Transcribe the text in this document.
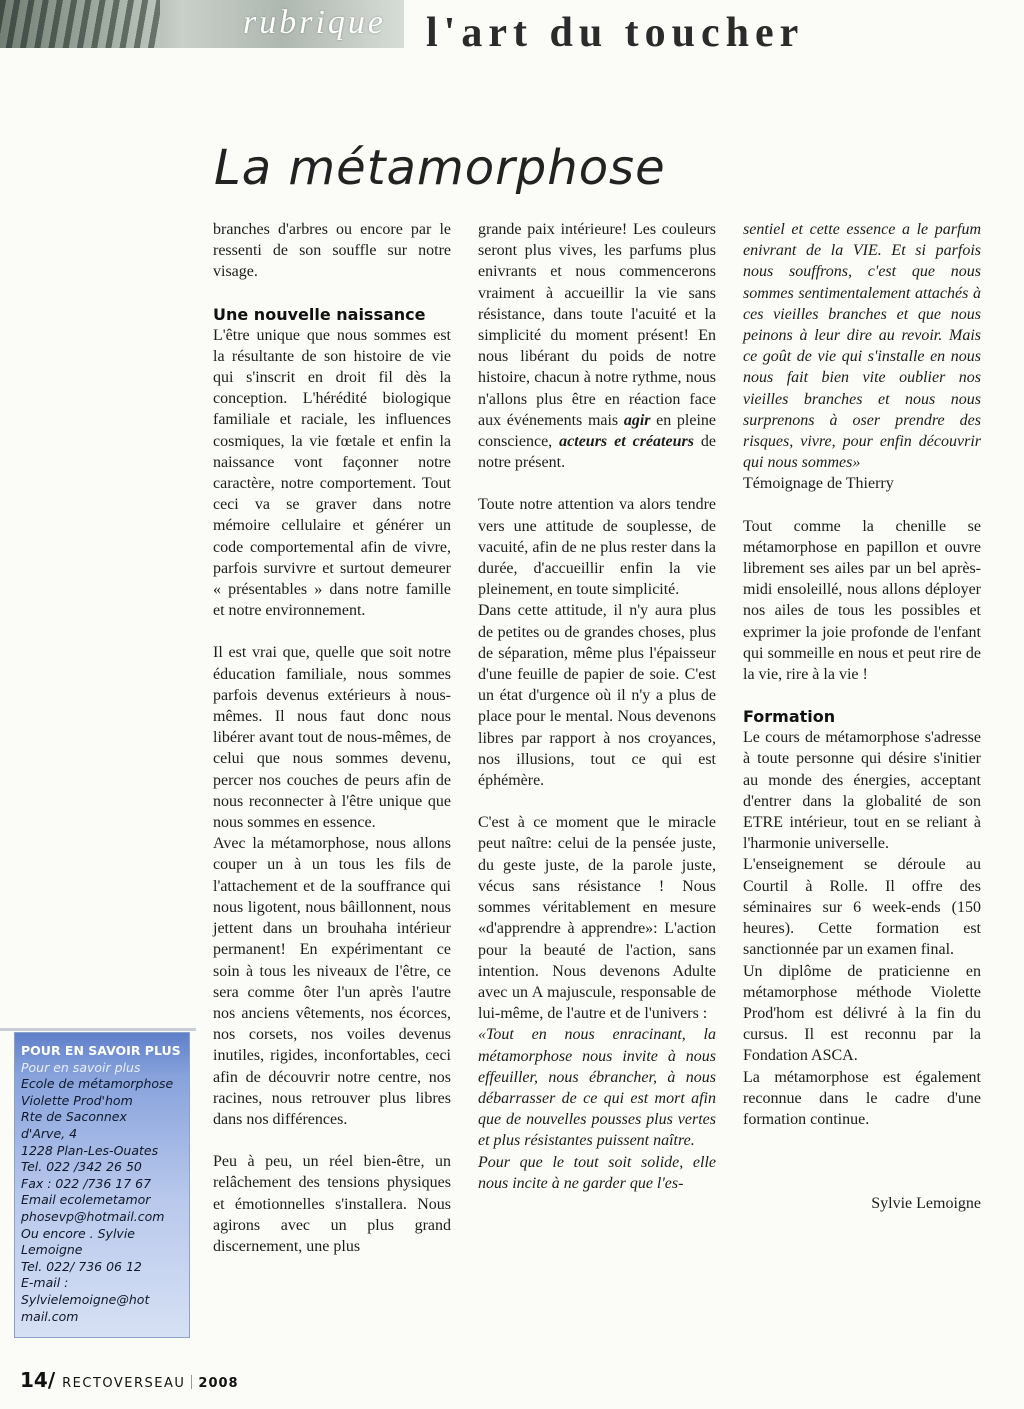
rubrique l'art du toucher
La métamorphose

branches d'arbres ou encore par le ressenti de son souffle sur notre visage.

Une nouvelle naissance

L'être unique que nous sommes est la résultante de son histoire de vie qui s'inscrit en droit fil dès la conception. L'hérédité biologique familiale et raciale, les influences cosmiques, la vie fœtale et enfin la naissance vont façonner notre caractère, notre comportement. Tout ceci va se graver dans notre mémoire cellulaire et générer un code comportemental afin de vivre, parfois survivre et surtout demeurer « présentables » dans notre famille et notre environnement.

Il est vrai que, quelle que soit notre éducation familiale, nous sommes parfois devenus extérieurs à nous-mêmes. Il nous faut donc nous libérer avant tout de nous-mêmes, de celui que nous sommes devenu, percer nos couches de peurs afin de nous reconnecter à l'être unique que nous sommes en essence.

Avec la métamorphose, nous allons couper un à un tous les fils de l'attachement et de la souffrance qui nous ligotent, nous bâillonnent, nous jettent dans un brouhaha intérieur permanent! En expérimentant ce soin à tous les niveaux de l'être, ce sera comme ôter l'un après l'autre nos anciens vêtements, nos écorces, nos corsets, nos voiles devenus inutiles, rigides, inconfortables, ceci afin de découvrir notre centre, nos racines, nous retrouver plus libres dans nos différences.

Peu à peu, un réel bien-être, un relâchement des tensions physiques et émotionnelles s'installera. Nous agirons avec un plus grand discernement, une plus

grande paix intérieure! Les couleurs seront plus vives, les parfums plus enivrants et nous commencerons vraiment à accueillir la vie sans résistance, dans toute l'acuité et la simplicité du moment présent! En nous libérant du poids de notre histoire, chacun à notre rythme, nous n'allons plus être en réaction face aux événements mais agir en pleine conscience, acteurs et créateurs de notre présent.

Toute notre attention va alors tendre vers une attitude de souplesse, de vacuité, afin de ne plus rester dans la durée, d'accueillir enfin la vie pleinement, en toute simplicité.

Dans cette attitude, il n'y aura plus de petites ou de grandes choses, plus de séparation, même plus l'épaisseur d'une feuille de papier de soie. C'est un état d'urgence où il n'y a plus de place pour le mental. Nous devenons libres par rapport à nos croyances, nos illusions, tout ce qui est éphémère.

C'est à ce moment que le miracle peut naître: celui de la pensée juste, du geste juste, de la parole juste, vécus sans résistance ! Nous sommes véritablement en mesure «d'apprendre à apprendre»: L'action pour la beauté de l'action, sans intention. Nous devenons Adulte avec un A majuscule, responsable de lui-même, de l'autre et de l'univers :

«Tout en nous enracinant, la métamorphose nous invite à nous effeuiller, nous ébrancher, à nous débarrasser de ce qui est mort afin que de nouvelles pousses plus vertes et plus résistantes puissent naître.

Pour que le tout soit solide, elle nous incite à ne garder que l'es-

sentiel et cette essence a le parfum enivrant de la VIE. Et si parfois nous souffrons, c'est que nous sommes sentimentalement attachés à ces vieilles branches et que nous peinons à leur dire au revoir. Mais ce goût de vie qui s'installe en nous nous fait bien vite oublier nos vieilles branches et nous nous surprenons à oser prendre des risques, vivre, pour enfin découvrir qui nous sommes»

Témoignage de Thierry

Tout comme la chenille se métamorphose en papillon et ouvre librement ses ailes par un bel après-midi ensoleillé, nous allons déployer nos ailes de tous les possibles et exprimer la joie profonde de l'enfant qui sommeille en nous et peut rire de la vie, rire à la vie !

Formation

Le cours de métamorphose s'adresse à toute personne qui désire s'initier au monde des énergies, acceptant d'entrer dans la globalité de son ETRE intérieur, tout en se reliant à l'harmonie universelle.

L'enseignement se déroule au Courtil à Rolle. Il offre des séminaires sur 6 week-ends (150 heures). Cette formation est sanctionnée par un examen final.

Un diplôme de praticienne en métamorphose méthode Violette Prod'hom est délivré à la fin du cursus. Il est reconnu par la Fondation ASCA.

La métamorphose est également reconnue dans le cadre d'une formation continue.

Sylvie Lemoigne

POUR EN SAVOIR PLUS
Pour en savoir plus
Ecole de métamorphose
Violette Prod'hom
Rte de Saconnex
d'Arve, 4
1228 Plan-Les-Ouates
Tel. 022 /342 26 50
Fax : 022 /736 17 67
Email ecolemetamor
phosevp@hotmail.com
Ou encore . Sylvie
Lemoigne
Tel. 022/ 736 06 12
E-mail :
Sylvielemoigne@hot
mail.com
14/ RECTOVERSEAU 2008
